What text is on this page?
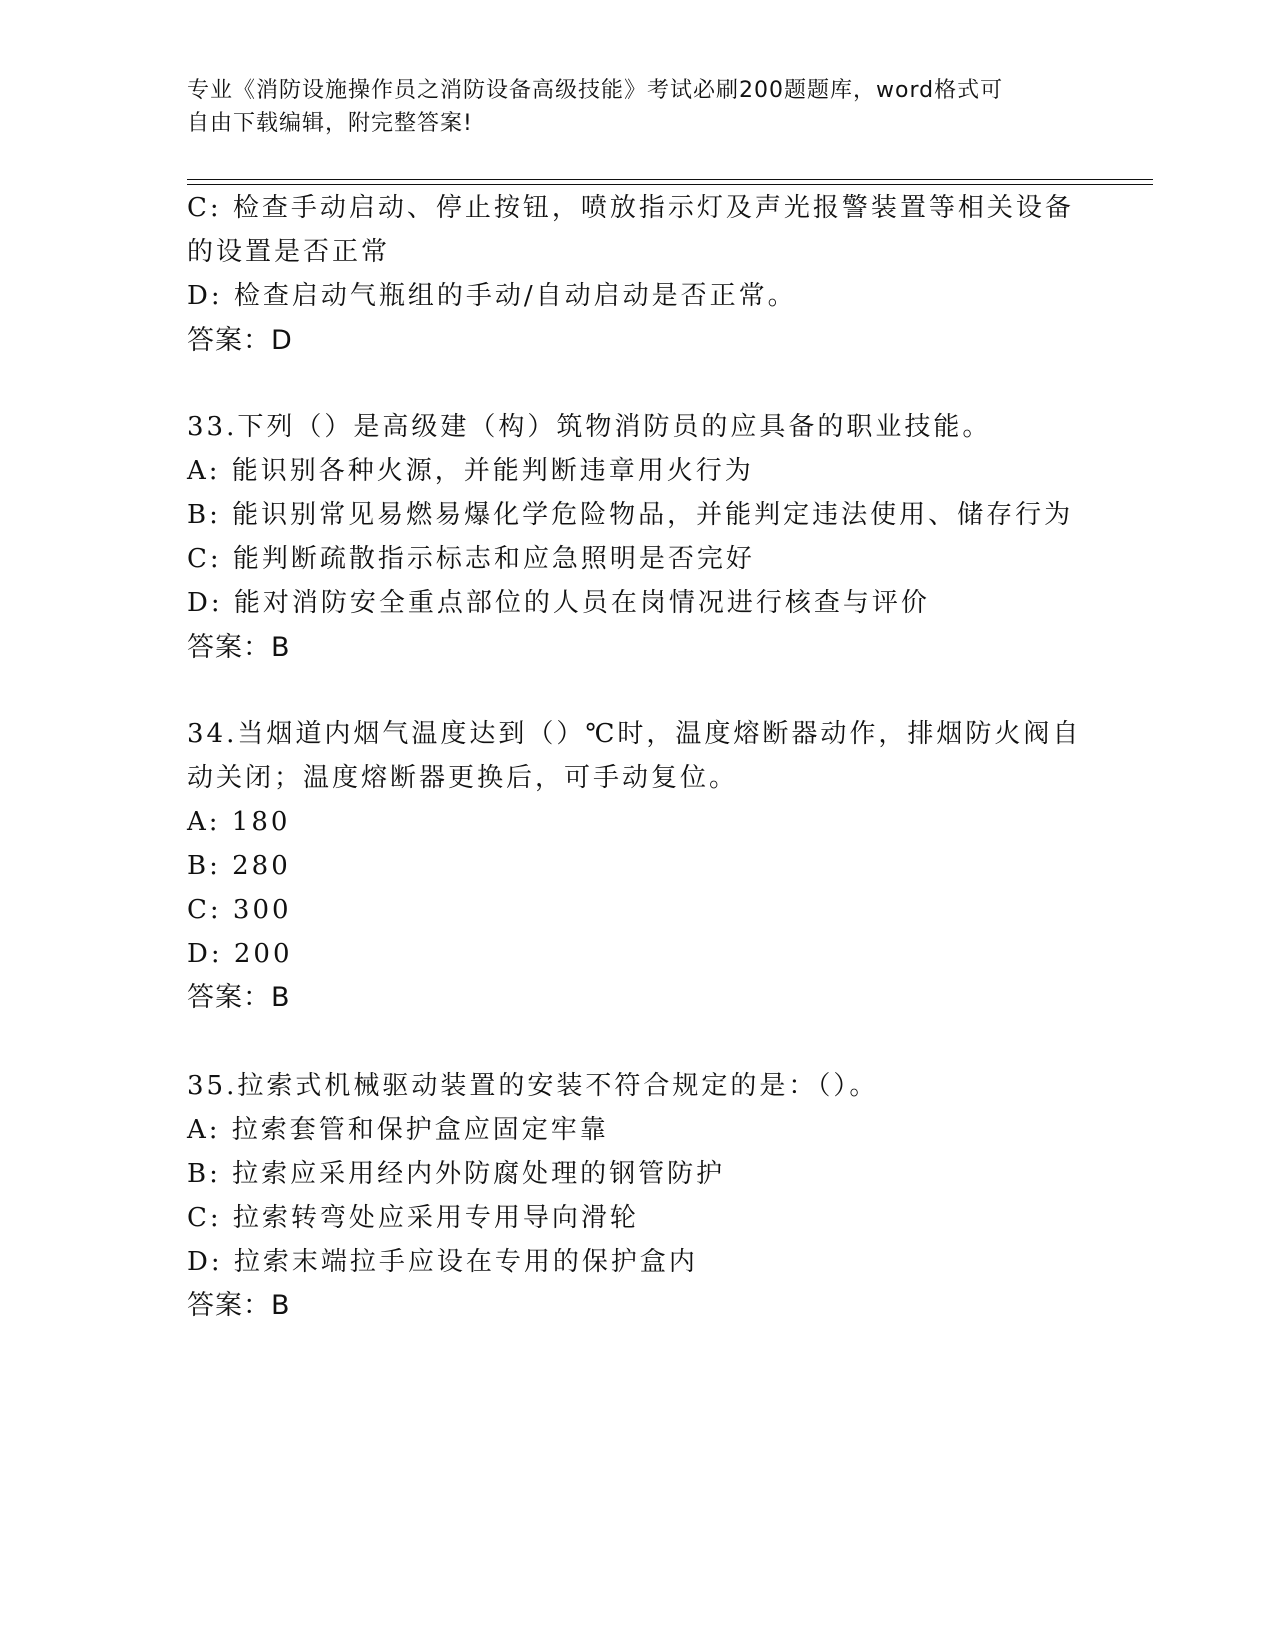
专业《消防设施操作员之消防设备高级技能》考试必刷200题题库，word格式可
自由下载编辑，附完整答案!
C: 检查手动启动、停止按钮，喷放指示灯及声光报警装置等相关设备
的设置是否正常
D: 检查启动气瓶组的手动/自动启动是否正常。
答案：D
33.下列（）是高级建（构）筑物消防员的应具备的职业技能。
A: 能识别各种火源，并能判断违章用火行为
B: 能识别常见易燃易爆化学危险物品，并能判定违法使用、储存行为
C: 能判断疏散指示标志和应急照明是否完好
D: 能对消防安全重点部位的人员在岗情况进行核查与评价
答案：B
34.当烟道内烟气温度达到（）℃时，温度熔断器动作，排烟防火阀自
动关闭；温度熔断器更换后，可手动复位。
A: 180
B: 280
C: 300
D: 200
答案：B
35.拉索式机械驱动装置的安装不符合规定的是：（）。
A: 拉索套管和保护盒应固定牢靠
B: 拉索应采用经内外防腐处理的钢管防护
C: 拉索转弯处应采用专用导向滑轮
D: 拉索末端拉手应设在专用的保护盒内
答案：B
